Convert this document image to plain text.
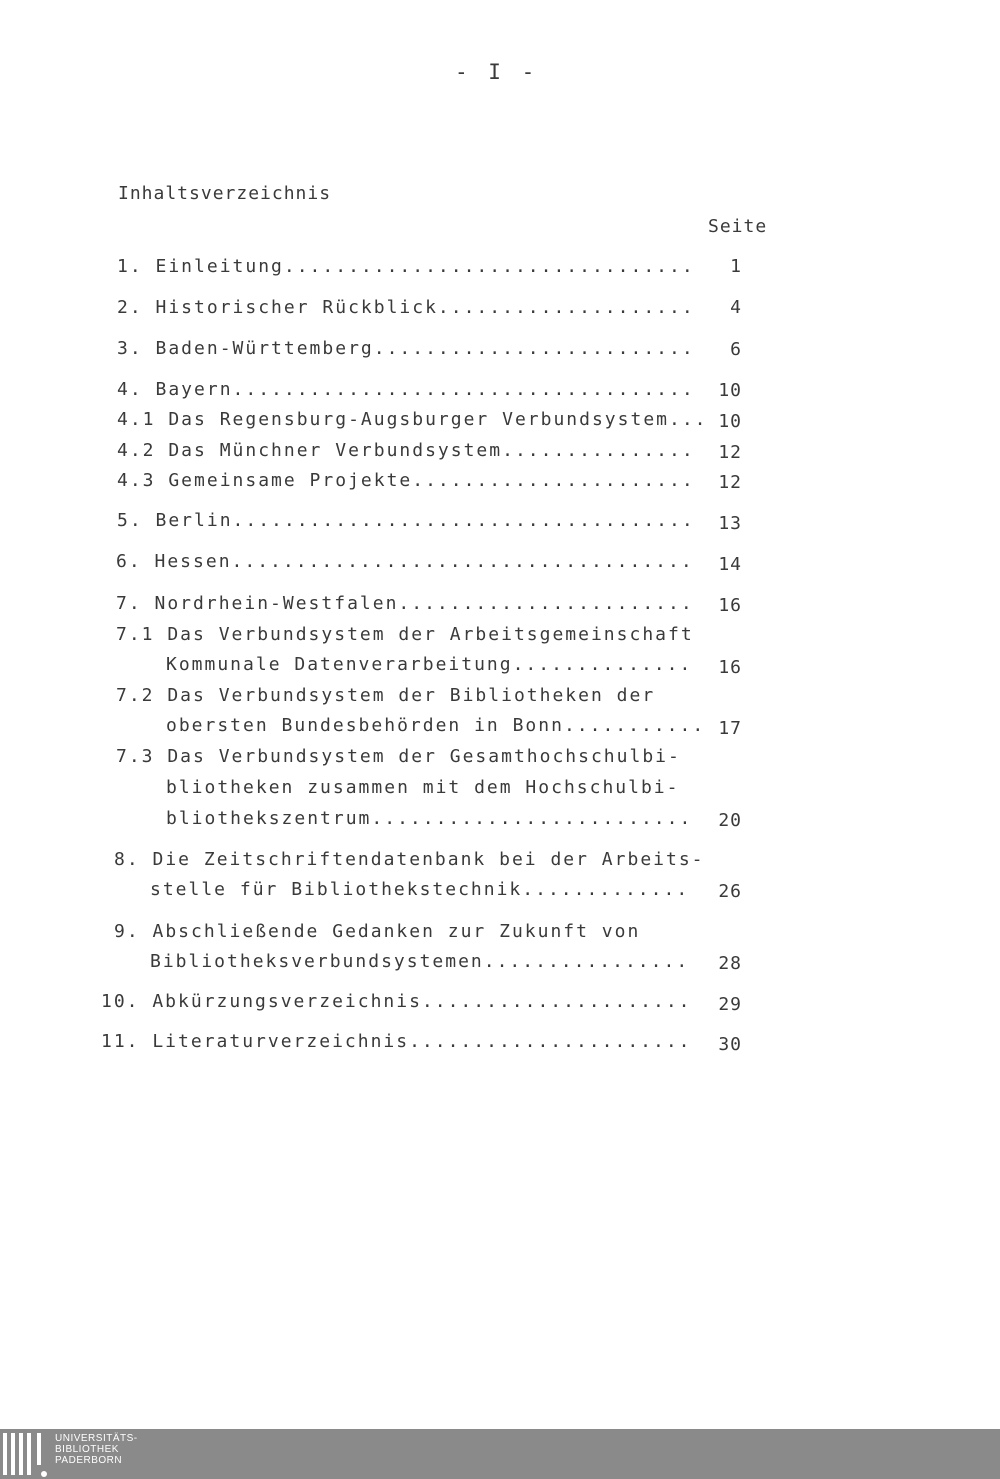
- I -
Inhaltsverzeichnis
Seite
1. Einleitung................................	1
2. Historischer Rückblick....................	4
3. Baden-Württemberg.........................	6
4. Bayern....................................	10
4.1 Das Regensburg-Augsburger Verbundsystem... 10
4.2 Das Münchner Verbundsystem...............	12
4.3 Gemeinsame Projekte......................	12
5. Berlin....................................	13
6. Hessen....................................	14
7. Nordrhein-Westfalen.......................	16
7.1 Das Verbundsystem der Arbeitsgemeinschaft
Kommunale Datenverarbeitung..............	16
7.2 Das Verbundsystem der Bibliotheken der
obersten Bundesbehörden in Bonn........... 17
7.3 Das Verbundsystem der Gesamthochschulbi-
bliotheken zusammen mit dem Hochschulbi-
bliothekszentrum.........................	20
8. Die Zeitschriftendatenbank bei der Arbeits-
stelle für Bibliothekstechnik.............	26
9. Abschließende Gedanken zur Zukunft von
Bibliotheksverbundsystemen................	28
10. Abkürzungsverzeichnis.....................	29
11. Literaturverzeichnis......................	30
UNIVERSITÄTS-
BIBLIOTHEK
PADERBORN
